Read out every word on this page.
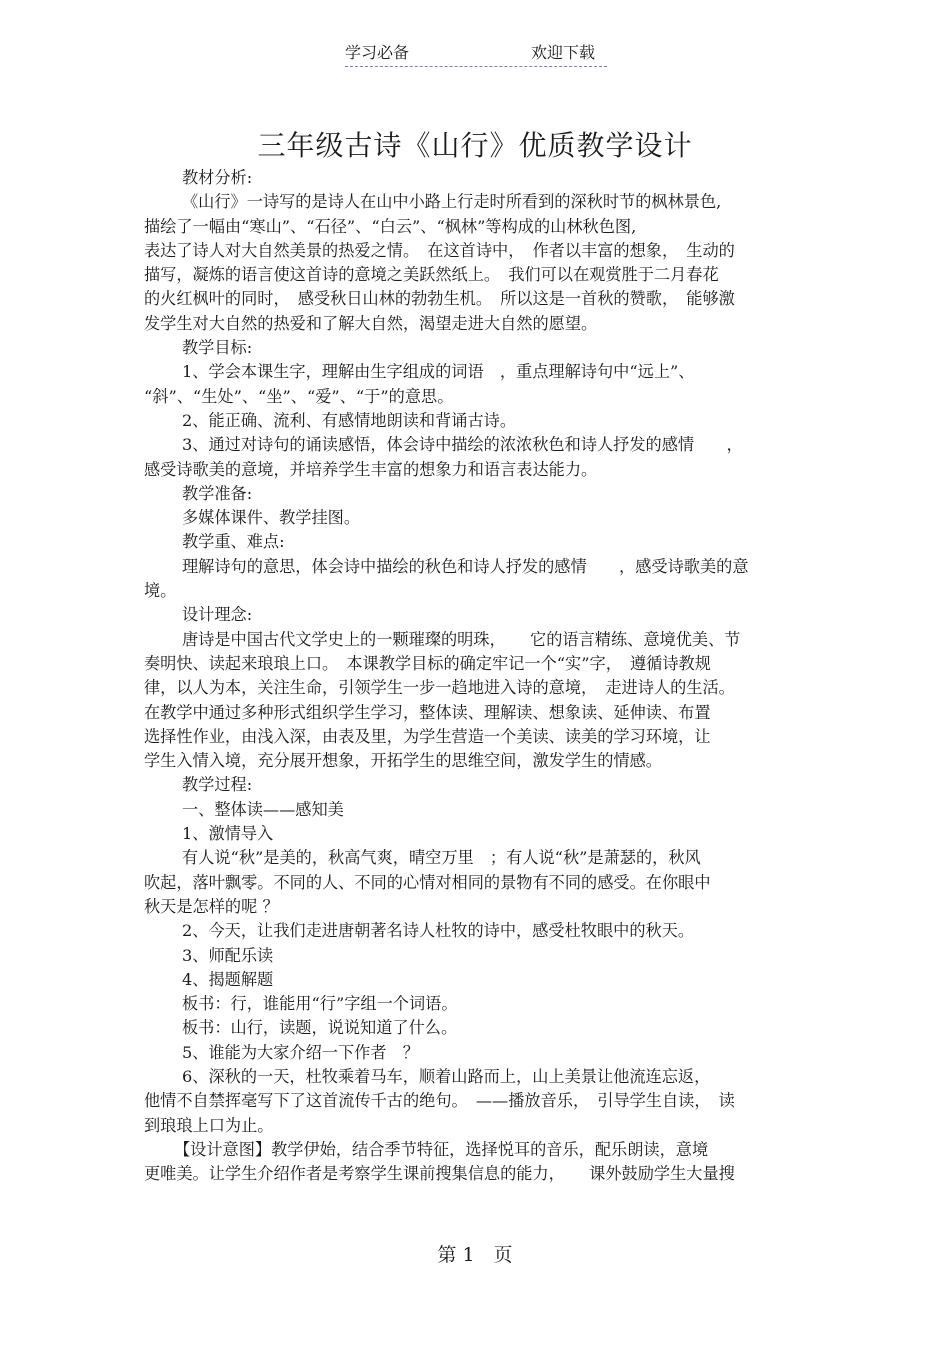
学习必备	欢迎下载
三年级古诗《山行》优质教学设计

教材分析:

《山行》一诗写的是诗人在山中小路上行走时所看到的深秋时节的枫林景色,

描绘了一幅由“寒山”、“石径”、“白云”、“枫林”等构成的山林秋色图,

表达了诗人对大自然美景的热爱之情。　在这首诗中，　作者以丰富的想象，　生动的

描写，凝炼的语言使这首诗的意境之美跃然纸上。　我们可以在观赏胜于二月春花

的火红枫叶的同时，　感受秋日山林的勃勃生机。　所以这是一首秋的赞歌，　能够激

发学生对大自然的热爱和了解大自然，渴望走进大自然的愿望。

教学目标:

1、学会本课生字，理解由生字组成的词语　，重点理解诗句中“远上”、

“斜”、“生处”、“坐”、“爱”、“于”的意思。

2、能正确、流利、有感情地朗读和背诵古诗。

3、通过对诗句的诵读感悟，体会诗中描绘的浓浓秋色和诗人抒发的感情　　，

感受诗歌美的意境，并培养学生丰富的想象力和语言表达能力。

教学准备:

多媒体课件、教学挂图。

教学重、难点:

理解诗句的意思，体会诗中描绘的秋色和诗人抒发的感情　　，感受诗歌美的意

境。

设计理念:

唐诗是中国古代文学史上的一颗璀璨的明珠，　　它的语言精练、意境优美、节

奏明快、读起来琅琅上口。　本课教学目标的确定牢记一个“实”字，　遵循诗教规

律，以人为本，关注生命，引领学生一步一趋地进入诗的意境，　走进诗人的生活。

在教学中通过多种形式组织学生学习，整体读、理解读、想象读、延伸读、布置

选择性作业，由浅入深，由表及里，为学生营造一个美读、读美的学习环境，让

学生入情入境，充分展开想象，开拓学生的思维空间，激发学生的情感。

教学过程:

一、整体读——感知美

1、激情导入

有人说“秋”是美的，秋高气爽，晴空万里　；有人说“秋”是萧瑟的，秋风

吹起，落叶飘零。不同的人、不同的心情对相同的景物有不同的感受。在你眼中

秋天是怎样的呢 ？

2、今天，让我们走进唐朝著名诗人杜牧的诗中，感受杜牧眼中的秋天。

3、师配乐读

4、揭题解题

板书：行，谁能用“行”字组一个词语。

板书：山行，读题，说说知道了什么。

5、谁能为大家介绍一下作者　？

6、深秋的一天，杜牧乘着马车，顺着山路而上，山上美景让他流连忘返，

他情不自禁挥毫写下了这首流传千古的绝句。　——播放音乐，　引导学生自读，　读

到琅琅上口为止。

【设计意图】教学伊始，结合季节特征，选择悦耳的音乐，配乐朗读，意境

更唯美。让学生介绍作者是考察学生课前搜集信息的能力，　　课外鼓励学生大量搜

第 1　页
